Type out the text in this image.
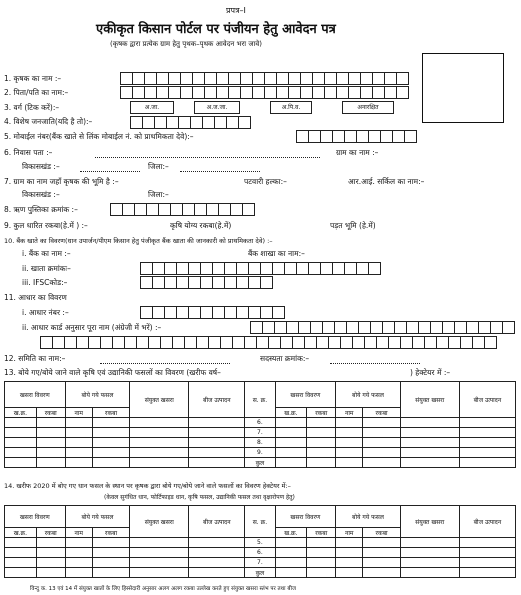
प्रपत्र–I
एकीकृत किसान पोर्टल पर पंजीयन हेतु आवेदन पत्र
(कृषक द्वारा प्रत्येक ग्राम हेतु पृथक–पृथक आवेदन भरा जावे)
1. कृषक का नाम :–
2. पिता/पति का नाम:–
3. वर्ग (टिक करें):–	अ.जा.	अ.ज.जा.	अ.पि.व.	अनारक्षित
4. विशेष जनजाति(यदि है तो):–
5. मोबाईल नंबर(बैंक खाते से लिंक मोबाईल नं. को प्राथमिकता देवे):–
6. निवास पता :–	ग्राम का नाम :–
विकासखंड :–	जिला:–
7. ग्राम का नाम जहाँ कृषक की भूमि है :–	पटवारी हल्का:–	आर.आई. सर्किल का नाम:–
विकासखंड :–	जिला:–
8. ऋण पुस्तिका क्रमांक :–
9. कुल धारित रकबा(हे.में ) :–	कृषि योग्य रकबा(हे.में)	पड़त भूमि (हे.में)
10. बैंक खाते का विवरण(धान उपार्जन/पीएम किसान हेतु पंजीकृत बैंक खाता की जानकारी को प्राथमिकता देवे) :–
i. बैंक का नाम :–	बैंक शाखा का नाम:–
ii. खाता क्रमांकः–
iii. IFSCकोड:–
11. आधार का विवरण
i. आधार नंबर :–
ii. आधार कार्ड अनुसार पूरा नाम (अंग्रेजी में भरें) :–
12. समिति का नाम:–	सदस्यता क्रमांक:–
13. बोये गए/बोये जाने वाले कृषि एवं उद्यानिकी फसलों का विवरण (खरीफ वर्ष–	) हेक्टेयर में :–
खसरा विवरण		बोये गये फसल		संयुक्त खसरा	बीज उत्पादन	स. क्र.	खसरा विवरण		बोये गये फसल		संयुक्त खसरा	बीज उत्पादन
ख.क्र.	रकबा	नाम	रकबा				ख.क्र.	रकबा	नाम	रकबा		
						6.						
						7.						
						8.						
						9.						
						कुल						
14. खरीफ 2020 में बोए गए धान फसल के स्थान पर कृषक द्वारा बोये गए/बोये जाने वाले फसलों का विवरण हेक्टेयर में:–
(केवल सुगंधित धान, फोर्टिफाइड धान, कृषि फसल, उद्यानिकी फसल तथा वृक्षारोपण हेतु)
खसरा विवरण		बोये गये फसल		संयुक्त खसरा	बीज उत्पादन	स. क्र.	खसरा विवरण		बोये गये फसल		संयुक्त खसरा	बीज उत्पादन
ख.क्र.	रकबा	नाम	रकबा				ख.क्र.	रकबा	नाम	रकबा		
						5.						
						6.						
						7.						
						कुल						
विन्दु क. 13 एवं 14 में संयुक्त खातों के लिए हिस्सेदारी अनुसार अलग अलग रकबा उल्लेख करते हुए संयुक्त खसरा स्तंभ पर तथा बीज
